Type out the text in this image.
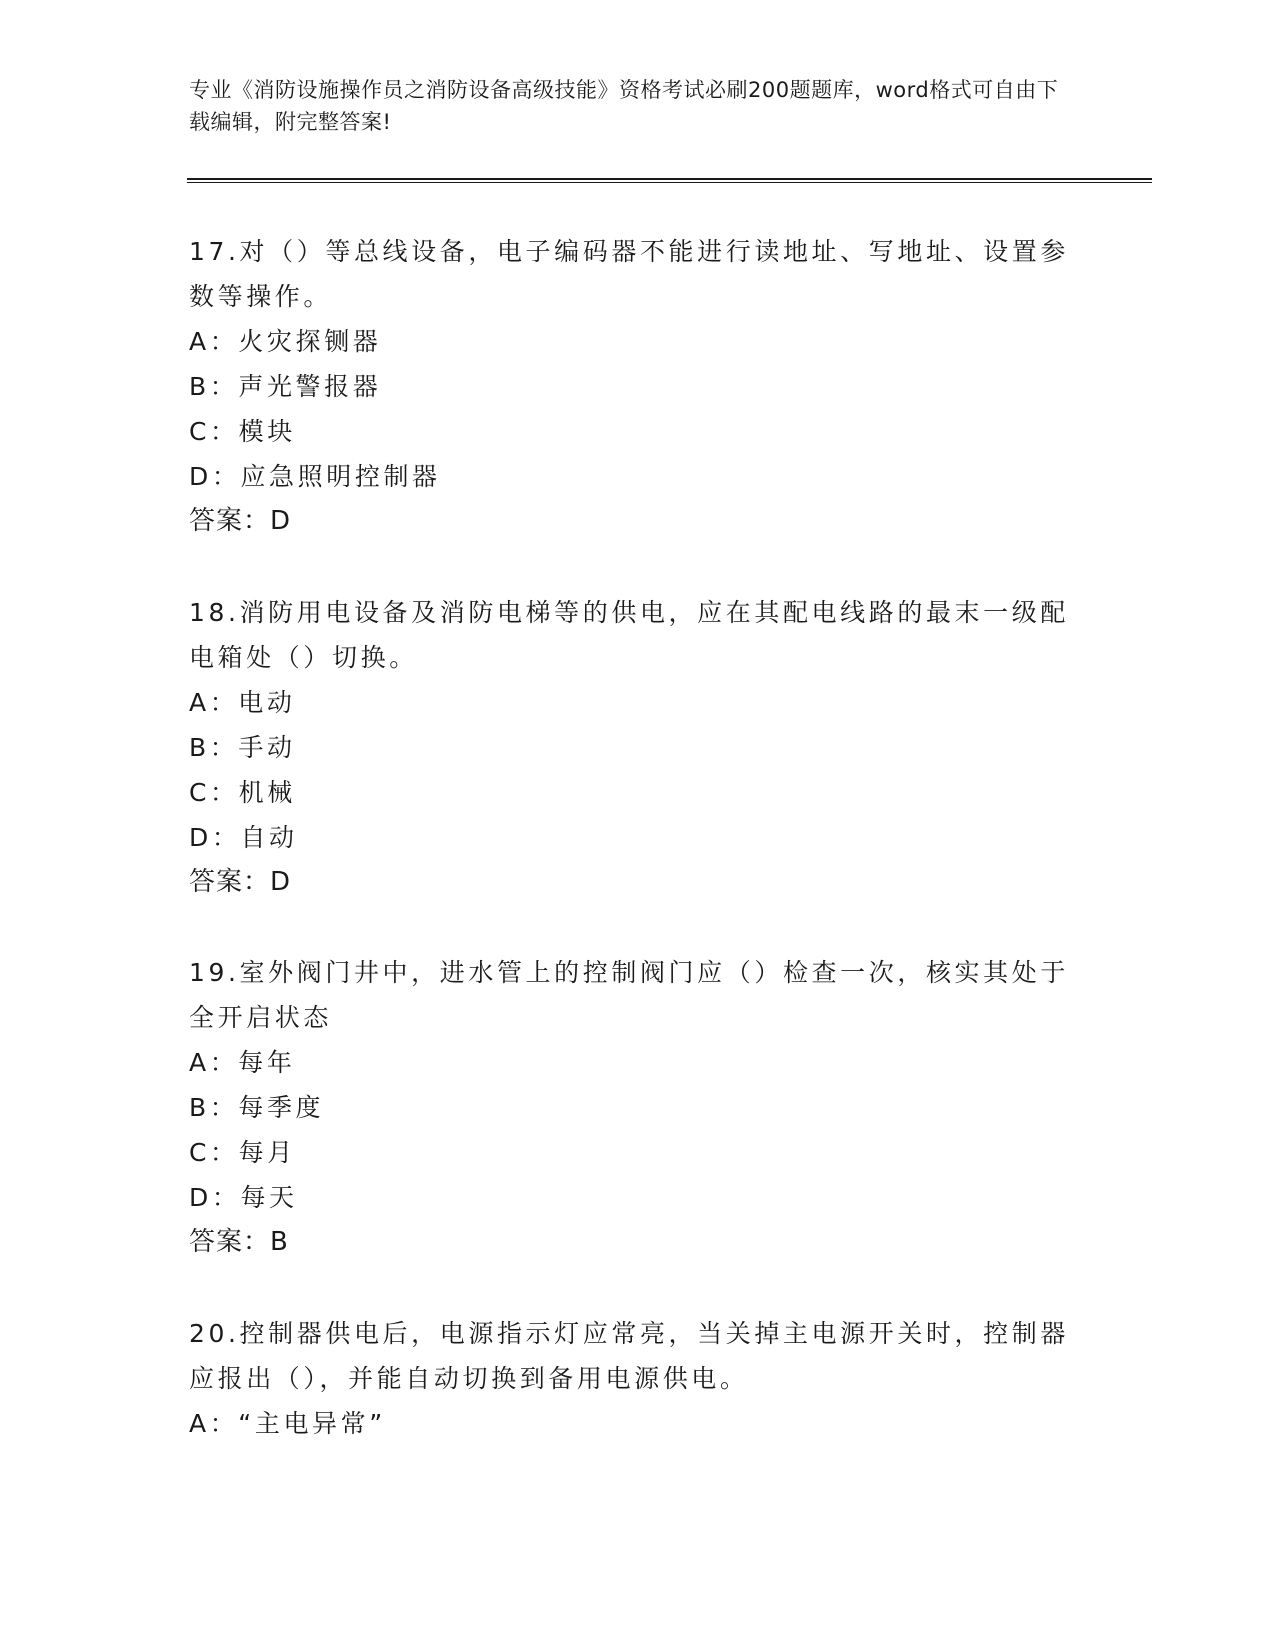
专业《消防设施操作员之消防设备高级技能》资格考试必刷200题题库，word格式可自由下载编辑，附完整答案!
17.对（）等总线设备，电子编码器不能进行读地址、写地址、设置参数等操作。
A：火灾探铡器
B：声光警报器
C：模块
D：应急照明控制器
答案：D
18.消防用电设备及消防电梯等的供电，应在其配电线路的最末一级配电箱处（）切换。
A：电动
B：手动
C：机械
D：自动
答案：D
19.室外阀门井中，进水管上的控制阀门应（）检查一次，核实其处于全开启状态
A：每年
B：每季度
C：每月
D：每天
答案：B
20.控制器供电后，电源指示灯应常亮，当关掉主电源开关时，控制器应报出（），并能自动切换到备用电源供电。
A：“主电异常”
